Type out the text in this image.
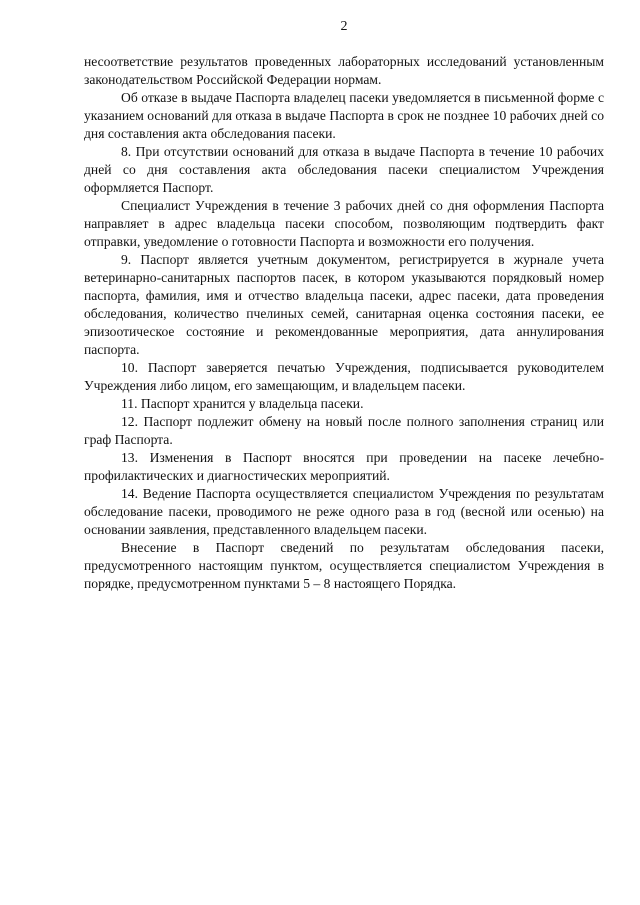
2

несоответствие результатов проведенных лабораторных исследований установленным законодательством Российской Федерации нормам.

Об отказе в выдаче Паспорта владелец пасеки уведомляется в письменной форме с указанием оснований для отказа в выдаче Паспорта в срок не позднее 10 рабочих дней со дня составления акта обследования пасеки.

8. При отсутствии оснований для отказа в выдаче Паспорта в течение 10 рабочих дней со дня составления акта обследования пасеки специалистом Учреждения оформляется Паспорт.

Специалист Учреждения в течение 3 рабочих дней со дня оформления Паспорта направляет в адрес владельца пасеки способом, позволяющим подтвердить факт отправки, уведомление о готовности Паспорта и возможности его получения.

9. Паспорт является учетным документом, регистрируется в журнале учета ветеринарно-санитарных паспортов пасек, в котором указываются порядковый номер паспорта, фамилия, имя и отчество владельца пасеки, адрес пасеки, дата проведения обследования, количество пчелиных семей, санитарная оценка состояния пасеки, ее эпизоотическое состояние и рекомендованные мероприятия, дата аннулирования паспорта.

10. Паспорт заверяется печатью Учреждения, подписывается руководителем Учреждения либо лицом, его замещающим, и владельцем пасеки.

11. Паспорт хранится у владельца пасеки.

12. Паспорт подлежит обмену на новый после полного заполнения страниц или граф Паспорта.

13. Изменения в Паспорт вносятся при проведении на пасеке лечебно-профилактических и диагностических мероприятий.

14. Ведение Паспорта осуществляется специалистом Учреждения по результатам обследование пасеки, проводимого не реже одного раза в год (весной или осенью) на основании заявления, представленного владельцем пасеки.

Внесение в Паспорт сведений по результатам обследования пасеки, предусмотренного настоящим пунктом, осуществляется специалистом Учреждения в порядке, предусмотренном пунктами 5 – 8 настоящего Порядка.
